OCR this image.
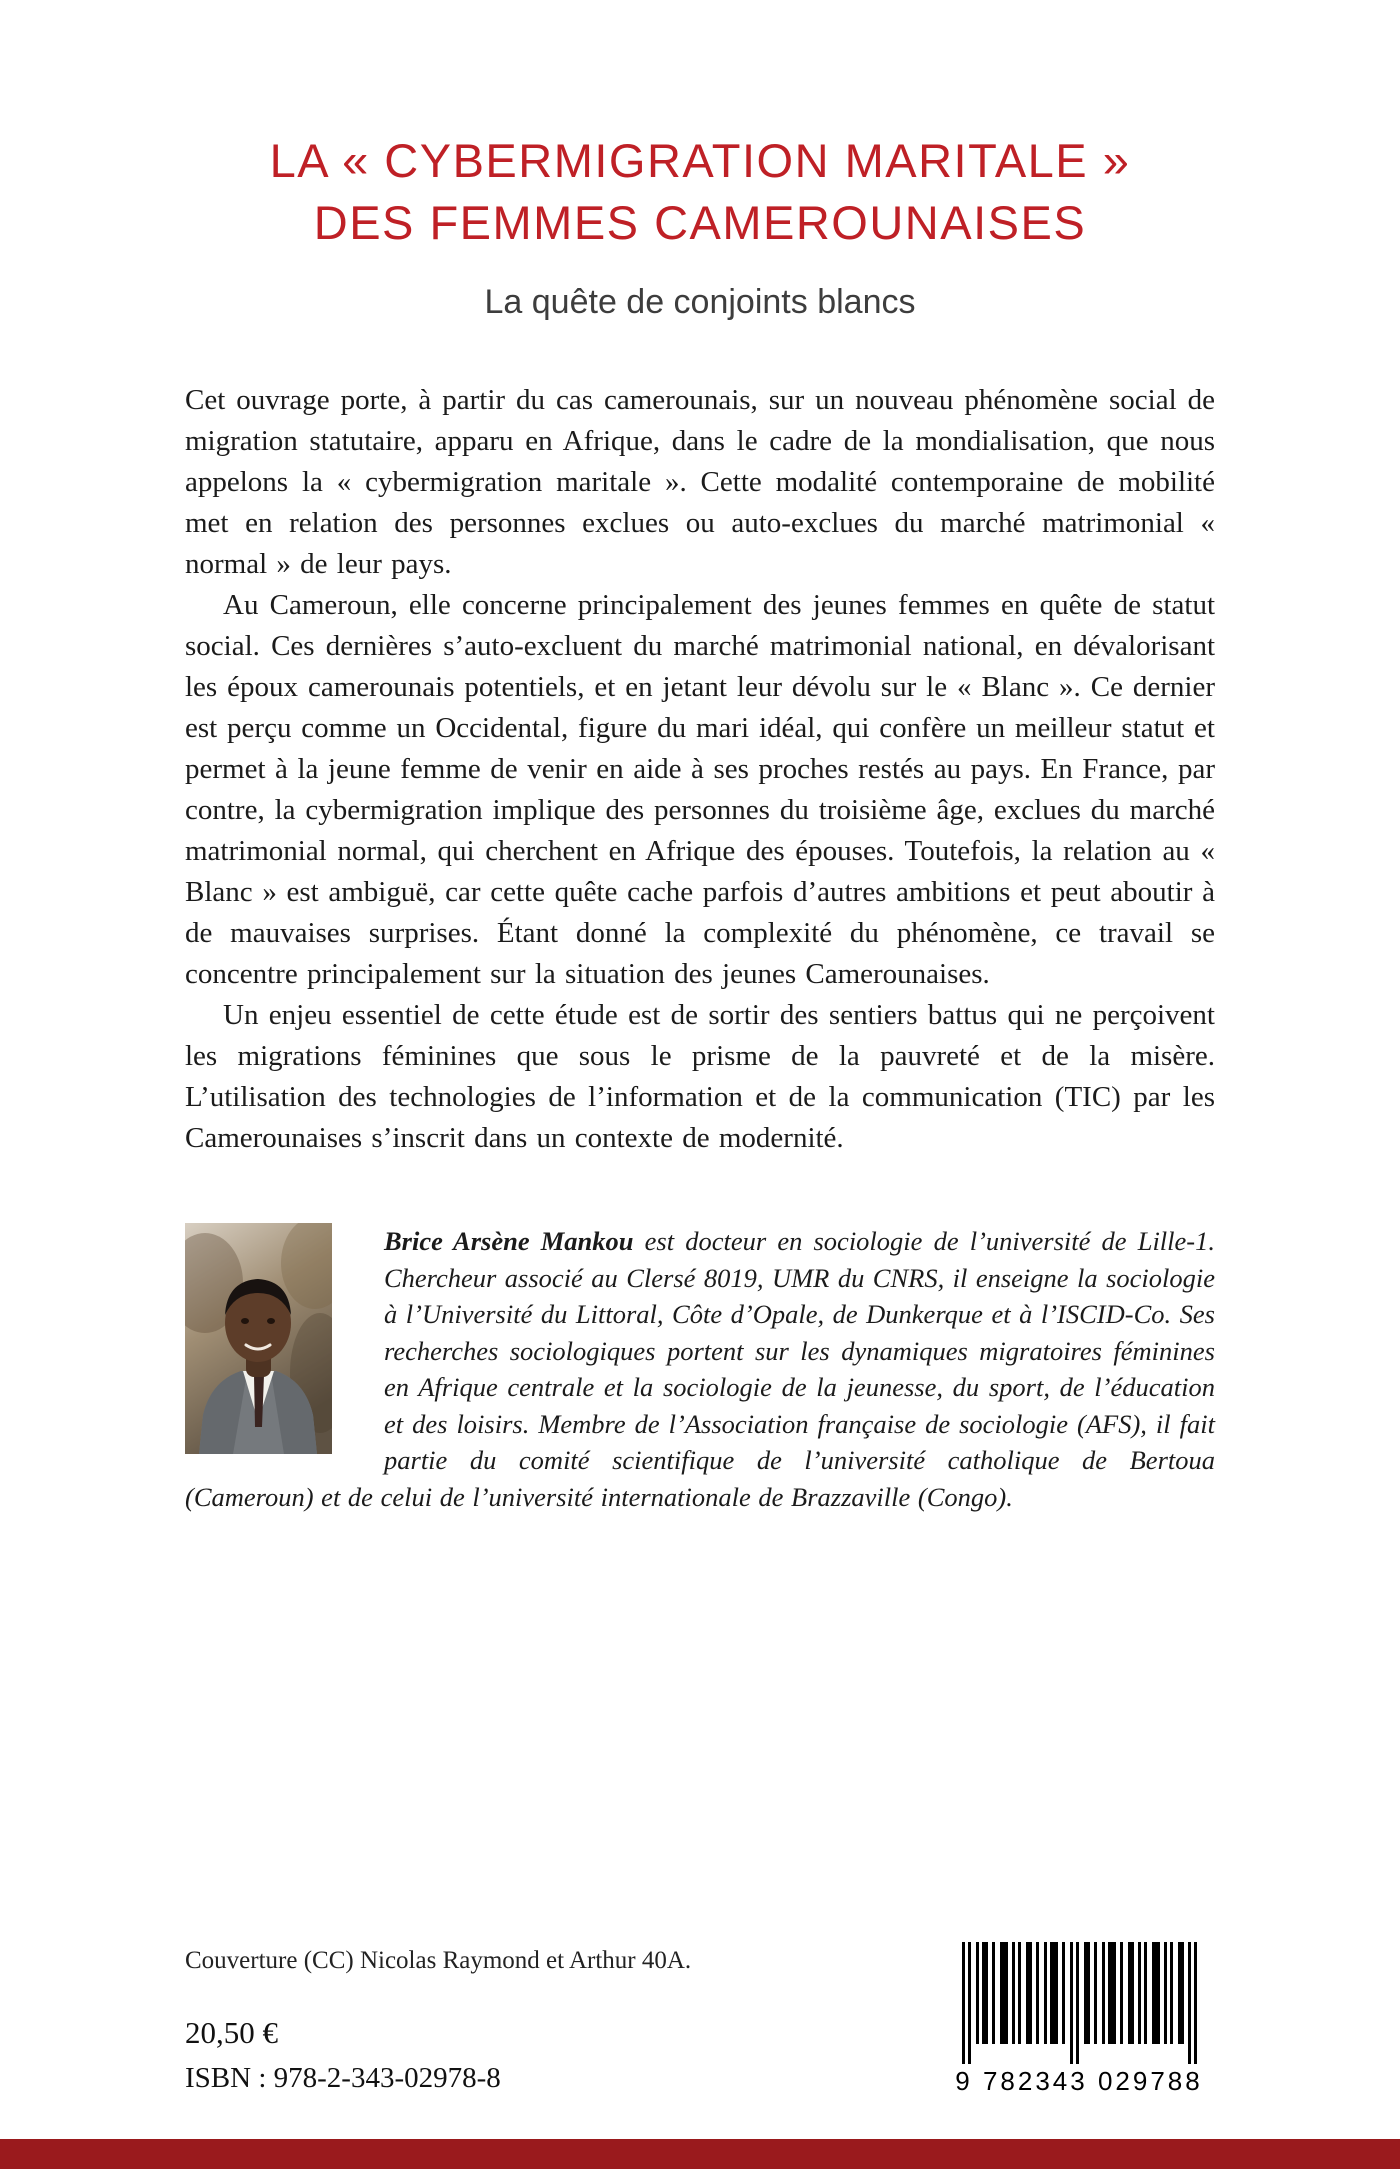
LA « CYBERMIGRATION MARITALE »
DES FEMMES CAMEROUNAISES
La quête de conjoints blancs

Cet ouvrage porte, à partir du cas camerounais, sur un nouveau phénomène social de migration statutaire, apparu en Afrique, dans le cadre de la mondialisation, que nous appelons la « cybermigration maritale ». Cette modalité contemporaine de mobilité met en relation des personnes exclues ou auto-exclues du marché matrimonial « normal » de leur pays.

Au Cameroun, elle concerne principalement des jeunes femmes en quête de statut social. Ces dernières s’auto-excluent du marché matrimonial national, en dévalorisant les époux camerounais potentiels, et en jetant leur dévolu sur le « Blanc ». Ce dernier est perçu comme un Occidental, figure du mari idéal, qui confère un meilleur statut et permet à la jeune femme de venir en aide à ses proches restés au pays. En France, par contre, la cybermigration implique des personnes du troisième âge, exclues du marché matrimonial normal, qui cherchent en Afrique des épouses. Toutefois, la relation au « Blanc » est ambiguë, car cette quête cache parfois d’autres ambitions et peut aboutir à de mauvaises surprises. Étant donné la complexité du phénomène, ce travail se concentre principalement sur la situation des jeunes Camerounaises.

Un enjeu essentiel de cette étude est de sortir des sentiers battus qui ne perçoivent les migrations féminines que sous le prisme de la pauvreté et de la misère. L’utilisation des technologies de l’information et de la communication (TIC) par les Camerounaises s’inscrit dans un contexte de modernité.

Brice Arsène Mankou est docteur en sociologie de l’université de Lille-1. Chercheur associé au Clersé 8019, UMR du CNRS, il enseigne la sociologie à l’Université du Littoral, Côte d’Opale, de Dunkerque et à l’ISCID-Co. Ses recherches sociologiques portent sur les dynamiques migratoires féminines en Afrique centrale et la sociologie de la jeunesse, du sport, de l’éducation et des loisirs. Membre de l’Association française de sociologie (AFS), il fait partie du comité scientifique de l’université catholique de Bertoua (Cameroun) et de celui de l’université internationale de Brazzaville (Congo).

Couverture (CC) Nicolas Raymond et Arthur 40A.

20,50 €

ISBN : 978-2-343-02978-8	9 782343 029788
